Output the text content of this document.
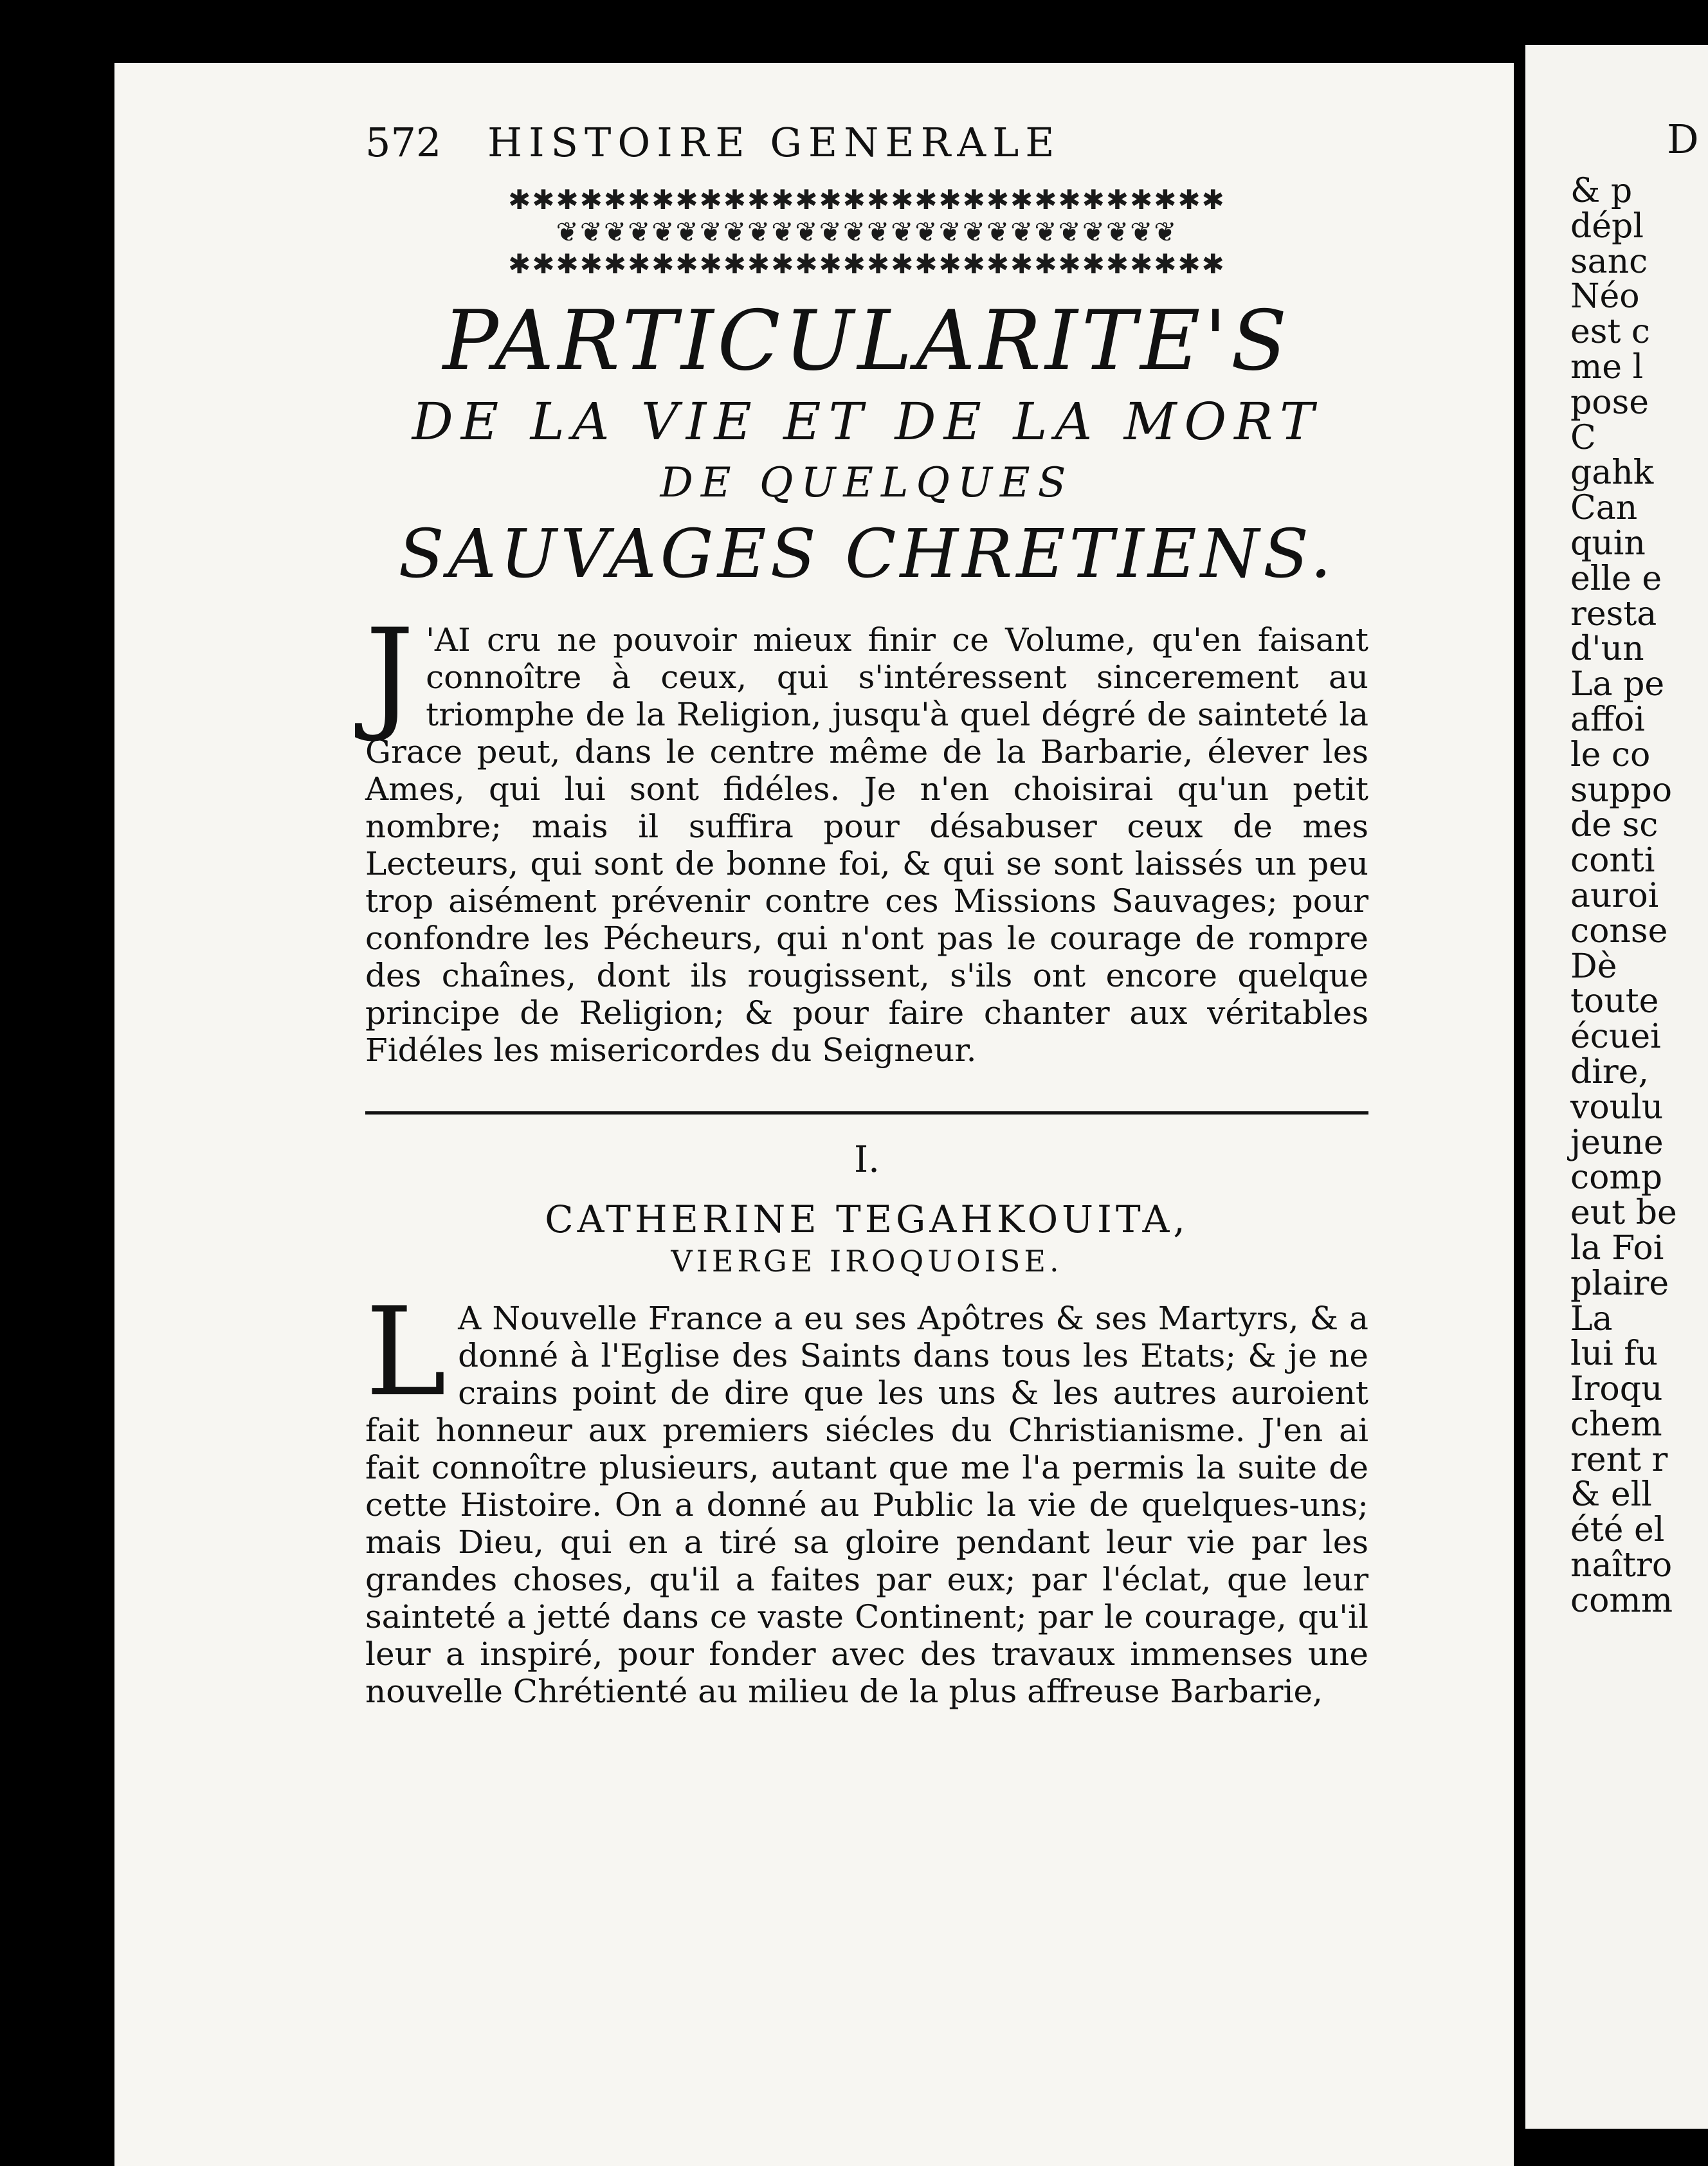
572	HISTOIRE GENERALE
✱✱✱✱✱✱✱✱✱✱✱✱✱✱✱✱✱✱✱✱✱✱✱✱✱✱✱✱✱✱
❦❦❦❦❦❦❦❦❦❦❦❦❦❦❦❦❦❦❦❦❦❦❦❦❦❦
✱✱✱✱✱✱✱✱✱✱✱✱✱✱✱✱✱✱✱✱✱✱✱✱✱✱✱✱✱✱
PARTICULARITE'S
DE LA VIE ET DE LA MORT
DE QUELQUES
SAUVAGES CHRETIENS.

J 'AI cru ne pouvoir mieux finir ce Volume, qu'en faisant connoître à ceux, qui s'intéressent sincerement au triomphe de la Religion, jusqu'à quel dégré de sainteté la Grace peut, dans le centre même de la Barbarie, élever les Ames, qui lui sont fidéles. Je n'en choisirai qu'un petit nombre; mais il suffira pour désabuser ceux de mes Lecteurs, qui sont de bonne foi, & qui se sont laissés un peu trop aisément prévenir contre ces Missions Sauvages; pour confondre les Pécheurs, qui n'ont pas le courage de rompre des chaînes, dont ils rougissent, s'ils ont encore quelque principe de Religion; & pour faire chanter aux véritables Fidéles les misericordes du Seigneur.

I.
CATHERINE TEGAHKOUITA,
VIERGE IROQUOISE.

L A Nouvelle France a eu ses Apôtres & ses Martyrs, & a donné à l'Eglise des Saints dans tous les Etats; & je ne crains point de dire que les uns & les autres auroient fait honneur aux premiers siécles du Christianisme. J'en ai fait connoître plusieurs, autant que me l'a permis la suite de cette Histoire. On a donné au Public la vie de quelques-uns; mais Dieu, qui en a tiré sa gloire pendant leur vie par les grandes choses, qu'il a faites par eux; par l'éclat, que leur sainteté a jetté dans ce vaste Continent; par le courage, qu'il leur a inspiré, pour fonder avec des travaux immenses une nouvelle Chrétienté au milieu de la plus affreuse Barbarie,

D
& p
dépl
sanc
Néo
est c
me l
pose
C
gahk
Can
quin
elle e
resta
d'un
La pe
affoi
le co
suppo
de sc
conti
auroi
conse
Dè
toute
écuei
dire,
voulu
jeune
comp
eut be
la Foi
plaire
La
lui fu
Iroqu
chem
rent r
& ell
été el
naîtro
comm
